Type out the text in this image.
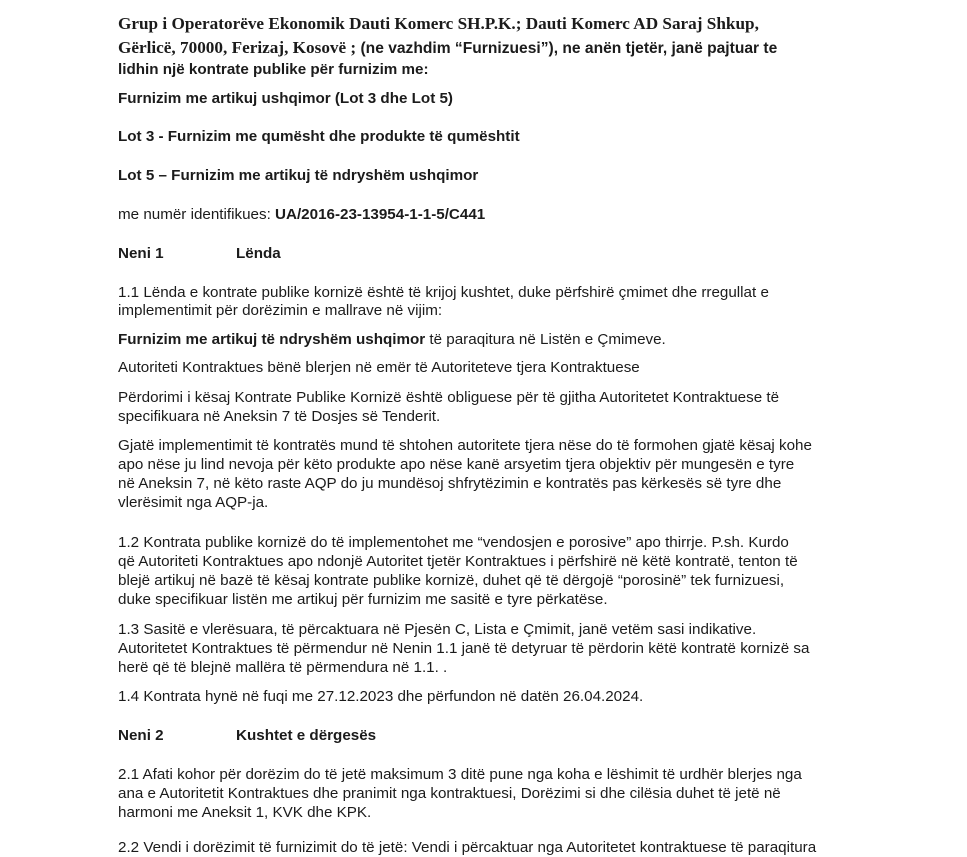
Grup i Operatorëve Ekonomik Dauti Komerc SH.P.K.; Dauti Komerc AD Saraj Shkup,
Gërlicë, 70000, Ferizaj, Kosovë ; (ne vazhdim “Furnizuesi”), ne anën tjetër, janë pajtuar te
lidhin një kontrate publike për furnizim me:
Furnizim me artikuj ushqimor (Lot 3 dhe Lot 5)
Lot 3 - Furnizim me qumësht dhe produkte të qumështit
Lot 5 – Furnizim me artikuj të ndryshëm ushqimor
me numër identifikues: UA/2016-23-13954-1-1-5/C441
Neni 1	Lënda
1.1 Lënda e kontrate publike kornizë është të krijoj kushtet, duke përfshirë çmimet dhe rregullat e
implementimit për dorëzimin e mallrave në vijim:
Furnizim me artikuj të ndryshëm ushqimor të paraqitura në Listën e Çmimeve.
Autoriteti Kontraktues bënë blerjen në emër të Autoriteteve tjera Kontraktuese
Përdorimi i kësaj Kontrate Publike Kornizë është obliguese për të gjitha Autoritetet Kontraktuese të
specifikuara në Aneksin 7 të Dosjes së Tenderit.
Gjatë implementimit të kontratës mund të shtohen autoritete tjera nëse do të formohen gjatë kësaj kohe
apo nëse ju lind nevoja për këto produkte apo nëse kanë arsyetim tjera objektiv për mungesën e tyre
në Aneksin 7, në këto raste AQP do ju mundësoj shfrytëzimin e kontratës pas kërkesës së tyre dhe
vlerësimit nga AQP-ja.
1.2 Kontrata publike kornizë do të implementohet me “vendosjen e porosive” apo thirrje. P.sh. Kurdo
që Autoriteti Kontraktues apo ndonjë Autoritet tjetër Kontraktues i përfshirë në këtë kontratë, tenton të
blejë artikuj në bazë të kësaj kontrate publike kornizë, duhet që të dërgojë “porosinë” tek furnizuesi,
duke specifikuar listën me artikuj për furnizim me sasitë e tyre përkatëse.
1.3 Sasitë e vlerësuara, të përcaktuara në Pjesën C, Lista e Çmimit, janë vetëm sasi indikative.
Autoritetet Kontraktues të përmendur në Nenin 1.1 janë të detyruar të përdorin këtë kontratë kornizë sa
herë që të blejnë mallëra të përmendura në 1.1. .
1.4 Kontrata hynë në fuqi me 27.12.2023 dhe përfundon në datën 26.04.2024.
Neni 2	Kushtet e dërgesës
2.1 Afati kohor për dorëzim do të jetë maksimum 3 ditë pune nga koha e lëshimit të urdhër blerjes nga
ana e Autoritetit Kontraktues dhe pranimit nga kontraktuesi, Dorëzimi si dhe cilësia duhet të jetë në
harmoni me Aneksit 1, KVK dhe KPK.
2.2 Vendi i dorëzimit të furnizimit do të jetë: Vendi i përcaktuar nga Autoritetet kontraktuese të paraqitura
